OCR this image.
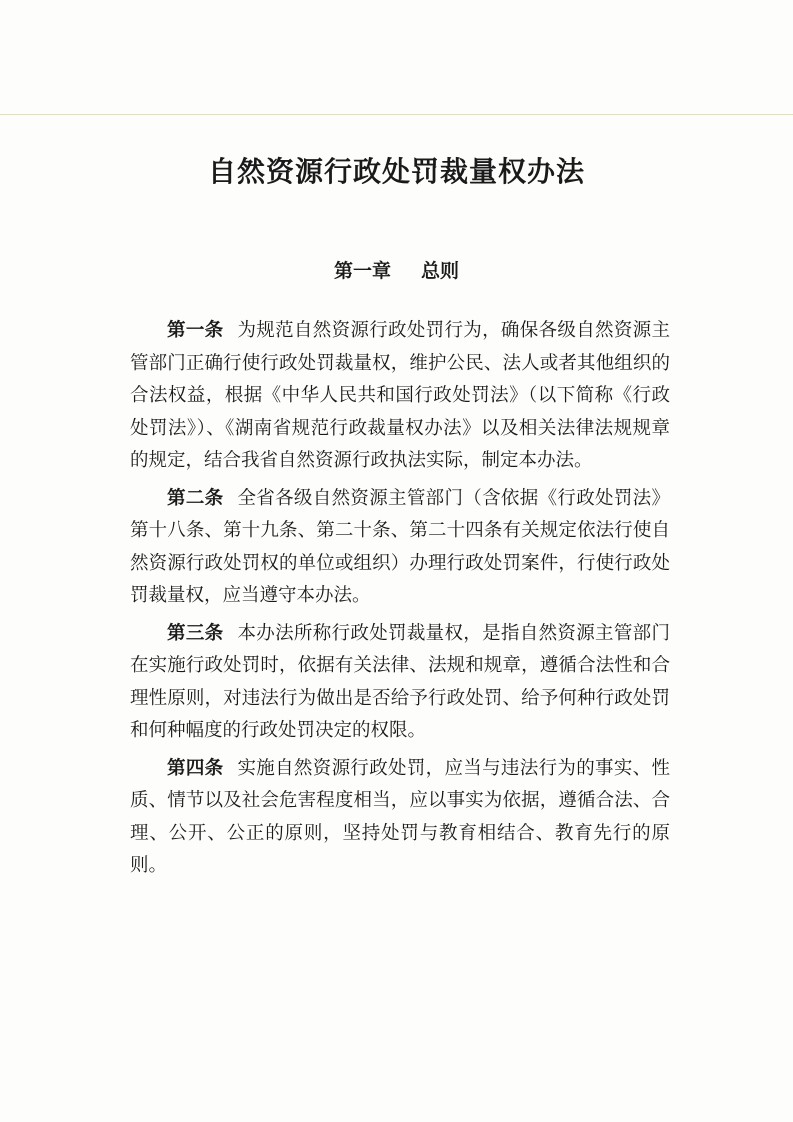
自然资源行政处罚裁量权办法
第一章 总则

第一条 为规范自然资源行政处罚行为，确保各级自然资源主管部门正确行使行政处罚裁量权，维护公民、法人或者其他组织的合法权益，根据《中华人民共和国行政处罚法》（以下简称《行政处罚法》）、《湖南省规范行政裁量权办法》以及相关法律法规规章的规定，结合我省自然资源行政执法实际，制定本办法。

第二条 全省各级自然资源主管部门（含依据《行政处罚法》第十八条、第十九条、第二十条、第二十四条有关规定依法行使自然资源行政处罚权的单位或组织）办理行政处罚案件，行使行政处罚裁量权，应当遵守本办法。

第三条 本办法所称行政处罚裁量权，是指自然资源主管部门在实施行政处罚时，依据有关法律、法规和规章，遵循合法性和合理性原则，对违法行为做出是否给予行政处罚、给予何种行政处罚和何种幅度的行政处罚决定的权限。

第四条 实施自然资源行政处罚，应当与违法行为的事实、性质、情节以及社会危害程度相当，应以事实为依据，遵循合法、合理、公开、公正的原则，坚持处罚与教育相结合、教育先行的原则。
